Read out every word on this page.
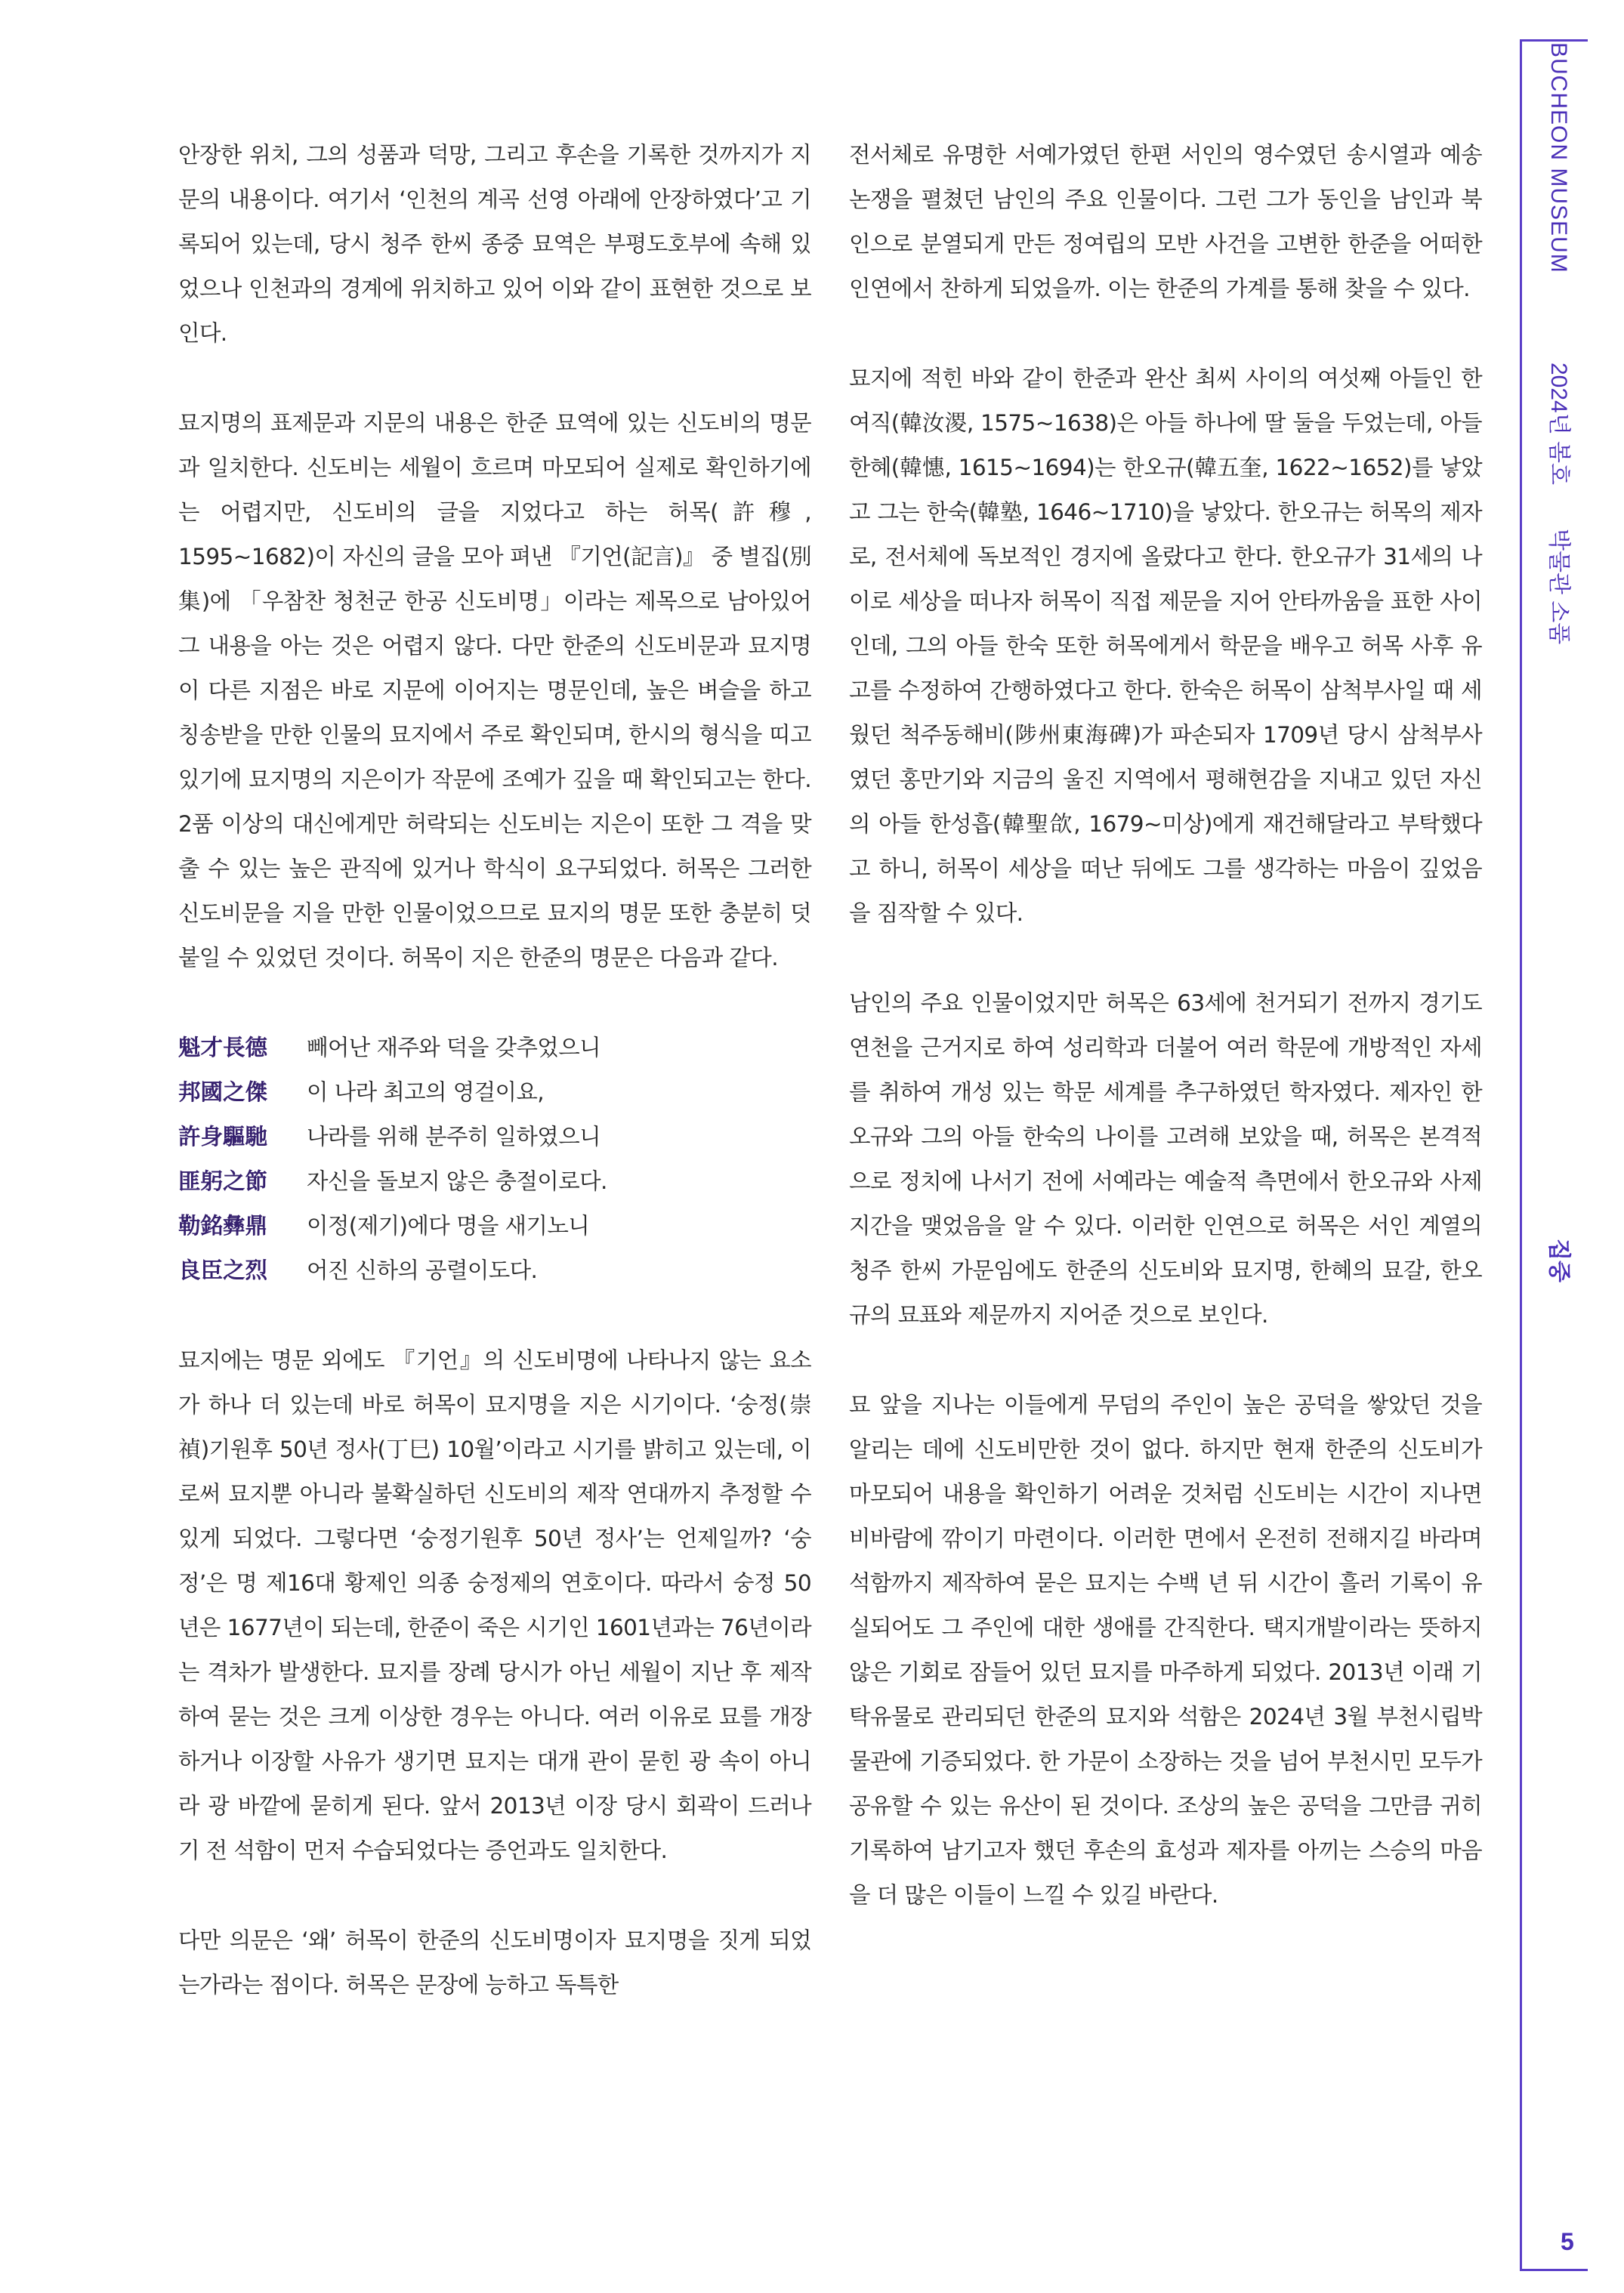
안장한 위치, 그의 성품과 덕망, 그리고 후손을 기록한 것까지가 지문의 내용이다. 여기서 ‘인천의 계곡 선영 아래에 안장하였다’고 기록되어 있는데, 당시 청주 한씨 종중 묘역은 부평도호부에 속해 있었으나 인천과의 경계에 위치하고 있어 이와 같이 표현한 것으로 보인다.

묘지명의 표제문과 지문의 내용은 한준 묘역에 있는 신도비의 명문과 일치한다. 신도비는 세월이 흐르며 마모되어 실제로 확인하기에는 어렵지만, 신도비의 글을 지었다고 하는 허목(許穆, 1595~1682)이 자신의 글을 모아 펴낸 『기언(記言)』 중 별집(別集)에 「우참찬 청천군 한공 신도비명」이라는 제목으로 남아있어 그 내용을 아는 것은 어렵지 않다. 다만 한준의 신도비문과 묘지명이 다른 지점은 바로 지문에 이어지는 명문인데, 높은 벼슬을 하고 칭송받을 만한 인물의 묘지에서 주로 확인되며, 한시의 형식을 띠고 있기에 묘지명의 지은이가 작문에 조예가 깊을 때 확인되고는 한다. 2품 이상의 대신에게만 허락되는 신도비는 지은이 또한 그 격을 맞출 수 있는 높은 관직에 있거나 학식이 요구되었다. 허목은 그러한 신도비문을 지을 만한 인물이었으므로 묘지의 명문 또한 충분히 덧붙일 수 있었던 것이다. 허목이 지은 한준의 명문은 다음과 같다.

魁才長德 빼어난 재주와 덕을 갖추었으니
邦國之傑 이 나라 최고의 영걸이요,
許身驅馳 나라를 위해 분주히 일하였으니
匪躬之節 자신을 돌보지 않은 충절이로다.
勒銘彝鼎 이정(제기)에다 명을 새기노니
良臣之烈 어진 신하의 공렬이도다.

묘지에는 명문 외에도 『기언』의 신도비명에 나타나지 않는 요소가 하나 더 있는데 바로 허목이 묘지명을 지은 시기이다. ‘숭정(崇禎)기원후 50년 정사(丁巳) 10월’이라고 시기를 밝히고 있는데, 이로써 묘지뿐 아니라 불확실하던 신도비의 제작 연대까지 추정할 수 있게 되었다. 그렇다면 ‘숭정기원후 50년 정사’는 언제일까? ‘숭정’은 명 제16대 황제인 의종 숭정제의 연호이다. 따라서 숭정 50년은 1677년이 되는데, 한준이 죽은 시기인 1601년과는 76년이라는 격차가 발생한다. 묘지를 장례 당시가 아닌 세월이 지난 후 제작하여 묻는 것은 크게 이상한 경우는 아니다. 여러 이유로 묘를 개장하거나 이장할 사유가 생기면 묘지는 대개 관이 묻힌 광 속이 아니라 광 바깥에 묻히게 된다. 앞서 2013년 이장 당시 회곽이 드러나기 전 석함이 먼저 수습되었다는 증언과도 일치한다.

다만 의문은 ‘왜’ 허목이 한준의 신도비명이자 묘지명을 짓게 되었는가라는 점이다. 허목은 문장에 능하고 독특한

전서체로 유명한 서예가였던 한편 서인의 영수였던 송시열과 예송논쟁을 펼쳤던 남인의 주요 인물이다. 그런 그가 동인을 남인과 북인으로 분열되게 만든 정여립의 모반 사건을 고변한 한준을 어떠한 인연에서 찬하게 되었을까. 이는 한준의 가계를 통해 찾을 수 있다.

묘지에 적힌 바와 같이 한준과 완산 최씨 사이의 여섯째 아들인 한여직(韓汝溭, 1575~1638)은 아들 하나에 딸 둘을 두었는데, 아들 한혜(韓憓, 1615~1694)는 한오규(韓五奎, 1622~1652)를 낳았고 그는 한숙(韓塾, 1646~1710)을 낳았다. 한오규는 허목의 제자로, 전서체에 독보적인 경지에 올랐다고 한다. 한오규가 31세의 나이로 세상을 떠나자 허목이 직접 제문을 지어 안타까움을 표한 사이인데, 그의 아들 한숙 또한 허목에게서 학문을 배우고 허목 사후 유고를 수정하여 간행하였다고 한다. 한숙은 허목이 삼척부사일 때 세웠던 척주동해비(陟州東海碑)가 파손되자 1709년 당시 삼척부사였던 홍만기와 지금의 울진 지역에서 평해현감을 지내고 있던 자신의 아들 한성흡(韓聖欱, 1679~미상)에게 재건해달라고 부탁했다고 하니, 허목이 세상을 떠난 뒤에도 그를 생각하는 마음이 깊었음을 짐작할 수 있다.

남인의 주요 인물이었지만 허목은 63세에 천거되기 전까지 경기도 연천을 근거지로 하여 성리학과 더불어 여러 학문에 개방적인 자세를 취하여 개성 있는 학문 세계를 추구하였던 학자였다. 제자인 한오규와 그의 아들 한숙의 나이를 고려해 보았을 때, 허목은 본격적으로 정치에 나서기 전에 서예라는 예술적 측면에서 한오규와 사제지간을 맺었음을 알 수 있다. 이러한 인연으로 허목은 서인 계열의 청주 한씨 가문임에도 한준의 신도비와 묘지명, 한혜의 묘갈, 한오규의 묘표와 제문까지 지어준 것으로 보인다.

묘 앞을 지나는 이들에게 무덤의 주인이 높은 공덕을 쌓았던 것을 알리는 데에 신도비만한 것이 없다. 하지만 현재 한준의 신도비가 마모되어 내용을 확인하기 어려운 것처럼 신도비는 시간이 지나면 비바람에 깎이기 마련이다. 이러한 면에서 온전히 전해지길 바라며 석함까지 제작하여 묻은 묘지는 수백 년 뒤 시간이 흘러 기록이 유실되어도 그 주인에 대한 생애를 간직한다. 택지개발이라는 뜻하지 않은 기회로 잠들어 있던 묘지를 마주하게 되었다. 2013년 이래 기탁유물로 관리되던 한준의 묘지와 석함은 2024년 3월 부천시립박물관에 기증되었다. 한 가문이 소장하는 것을 넘어 부천시민 모두가 공유할 수 있는 유산이 된 것이다. 조상의 높은 공덕을 그만큼 귀히 기록하여 남기고자 했던 후손의 효성과 제자를 아끼는 스승의 마음을 더 많은 이들이 느낄 수 있길 바란다.

BUCHEON MUSEUM
2024년 봄호
박물관 소품
집중
5
